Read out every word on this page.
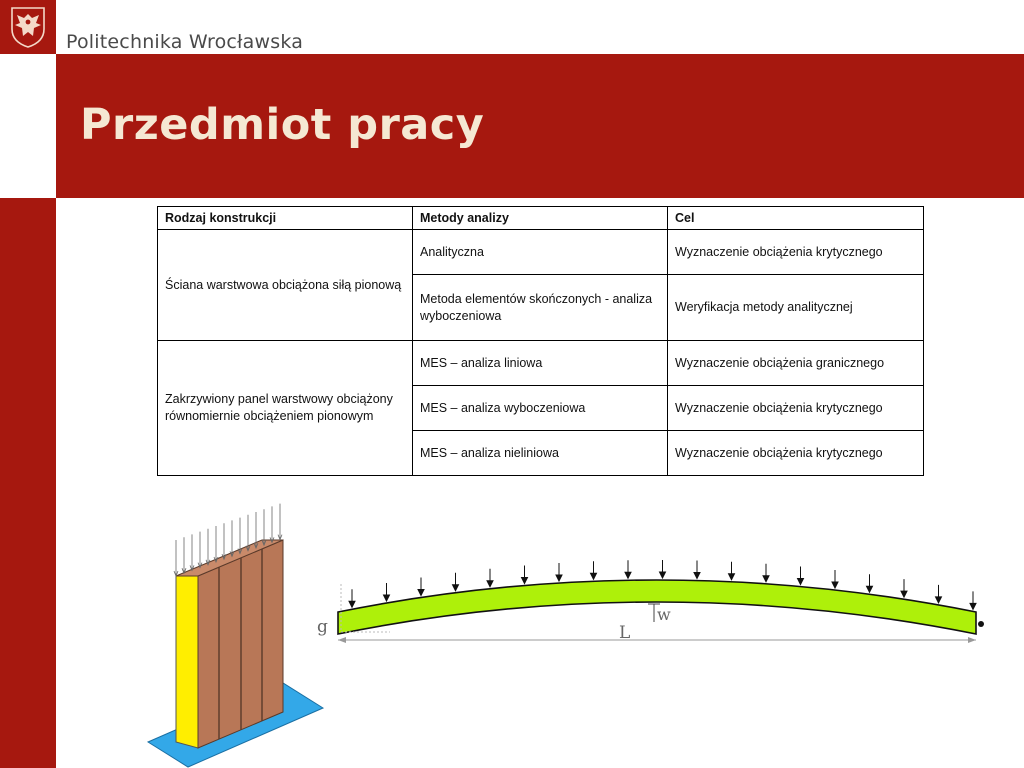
Politechnika Wrocławska
Przedmiot pracy
Rodzaj konstrukcji	Metody analizy	Cel
Ściana warstwowa obciążona siłą pionową	Analityczna	Wyznaczenie obciążenia krytycznego
	Metoda elementów skończonych - analiza wyboczeniowa	Weryfikacja metody analitycznej
Zakrzywiony panel warstwowy obciążony równomiernie obciążeniem pionowym	MES – analiza liniowa	Wyznaczenie obciążenia granicznego
	MES – analiza wyboczeniowa	Wyznaczenie obciążenia krytycznego
	MES – analiza nieliniowa	Wyznaczenie obciążenia krytycznego
g
w
L
